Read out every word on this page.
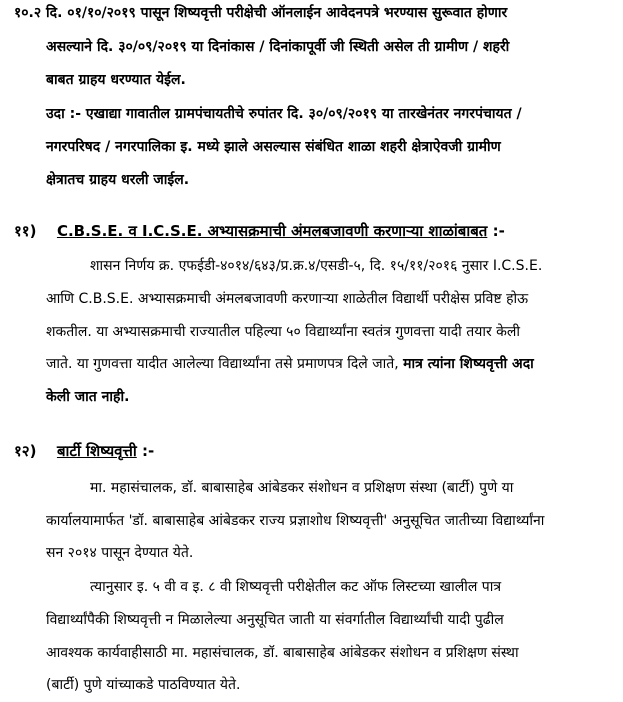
१०.२ दि. ०१/१०/२०१९ पासून शिष्यवृत्ती परीक्षेची ऑनलाईन आवेदनपत्रे भरण्यास सुरूवात होणार
असल्याने दि. ३०/०९/२०१९ या दिनांकास / दिनांकापूर्वी जी स्थिती असेल ती ग्रामीण / शहरी
बाबत ग्राहय धरण्यात येईल.
उदा :- एखाद्या गावातील ग्रामपंचायतीचे रुपांतर दि. ३०/०९/२०१९ या तारखेनंतर नगरपंचायत /
नगरपरिषद / नगरपालिका इ. मध्ये झाले असल्यास संबंधित शाळा शहरी क्षेत्राऐवजी ग्रामीण
क्षेत्रातच ग्राहय धरली जाईल.
११) C.B.S.E. व I.C.S.E. अभ्यासक्रमाची अंमलबजावणी करणाऱ्या शाळांबाबत :-
शासन निर्णय क्र. एफईडी-४०१४/६४३/प्र.क्र.४/एसडी-५, दि. १५/११/२०१६ नुसार I.C.S.E.
आणि C.B.S.E. अभ्यासक्रमाची अंमलबजावणी करणाऱ्या शाळेतील विद्यार्थी परीक्षेस प्रविष्ट होऊ
शकतील. या अभ्यासक्रमाची राज्यातील पहिल्या ५० विद्यार्थ्यांना स्वतंत्र गुणवत्ता यादी तयार केली
जाते. या गुणवत्ता यादीत आलेल्या विद्यार्थ्यांना तसे प्रमाणपत्र दिले जाते, मात्र त्यांना शिष्यवृत्ती अदा
केली जात नाही.
१२) बार्टी शिष्यवृत्ती :-
मा. महासंचालक, डॉ. बाबासाहेब आंबेडकर संशोधन व प्रशिक्षण संस्था (बार्टी) पुणे या
कार्यालयामार्फत 'डॉ. बाबासाहेब आंबेडकर राज्य प्रज्ञाशोध शिष्यवृत्ती' अनुसूचित जातीच्या विद्यार्थ्यांना
सन २०१४ पासून देण्यात येते.
त्यानुसार इ. ५ वी व इ. ८ वी शिष्यवृत्ती परीक्षेतील कट ऑफ लिस्टच्या खालील पात्र
विद्यार्थ्यांपैकी शिष्यवृत्ती न मिळालेल्या अनुसूचित जाती या संवर्गातील विद्यार्थ्यांची यादी पुढील
आवश्यक कार्यवाहीसाठी मा. महासंचालक, डॉ. बाबासाहेब आंबेडकर संशोधन व प्रशिक्षण संस्था
(बार्टी) पुणे यांच्याकडे पाठविण्यात येते.
